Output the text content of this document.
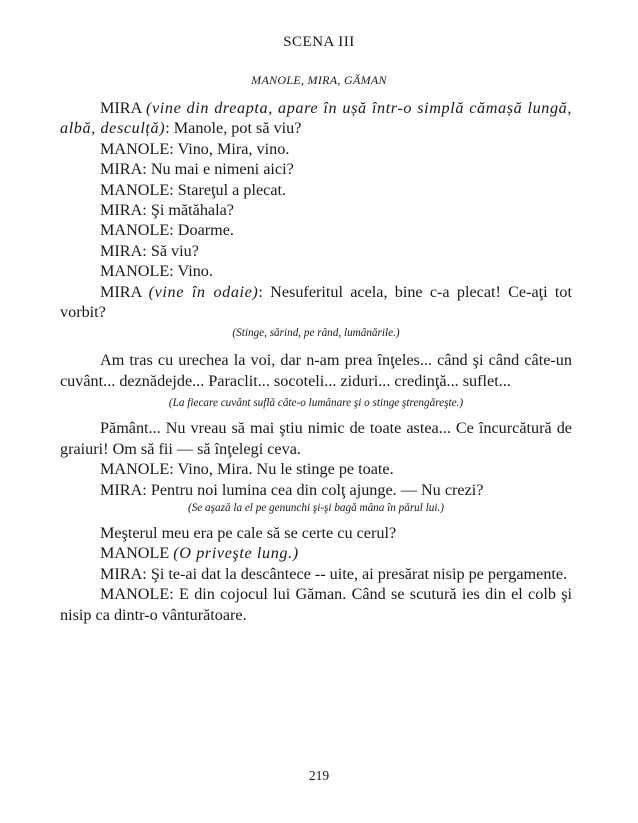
SCENA III
MANOLE, MIRA, GĂMAN

MIRA (vine din dreapta, apare în ușă într-o simplă cămașă lungă, albă, desculță): Manole, pot să viu?

MANOLE: Vino, Mira, vino.

MIRA: Nu mai e nimeni aici?

MANOLE: Stareţul a plecat.

MIRA: Şi mătăhala?

MANOLE: Doarme.

MIRA: Să viu?

MANOLE: Vino.

MIRA (vine în odaie): Nesuferitul acela, bine c-a plecat! Ce-aţi tot vorbit?

(Stinge, sărind, pe rând, lumânările.)

Am tras cu urechea la voi, dar n-am prea înţeles... când şi când câte-un cuvânt... deznădejde... Paraclit... socoteli... ziduri... credinţă... suflet...

(La fiecare cuvânt suflă câte-o lumânare şi o stinge ştrengăreşte.)

Pământ... Nu vreau să mai ştiu nimic de toate astea... Ce încurcătură de graiuri! Om să fii — să înţelegi ceva.

MANOLE: Vino, Mira. Nu le stinge pe toate.

MIRA: Pentru noi lumina cea din colţ ajunge. — Nu crezi?

(Se aşază la el pe genunchi şi-şi bagă mâna în părul lui.)

Meşterul meu era pe cale să se certe cu cerul?

MANOLE (O priveşte lung.)

MIRA: Şi te-ai dat la descântece -- uite, ai presărat nisip pe pergamente.

MANOLE: E din cojocul lui Găman. Când se scutură ies din el colb şi nisip ca dintr-o vânturătoare.

219
